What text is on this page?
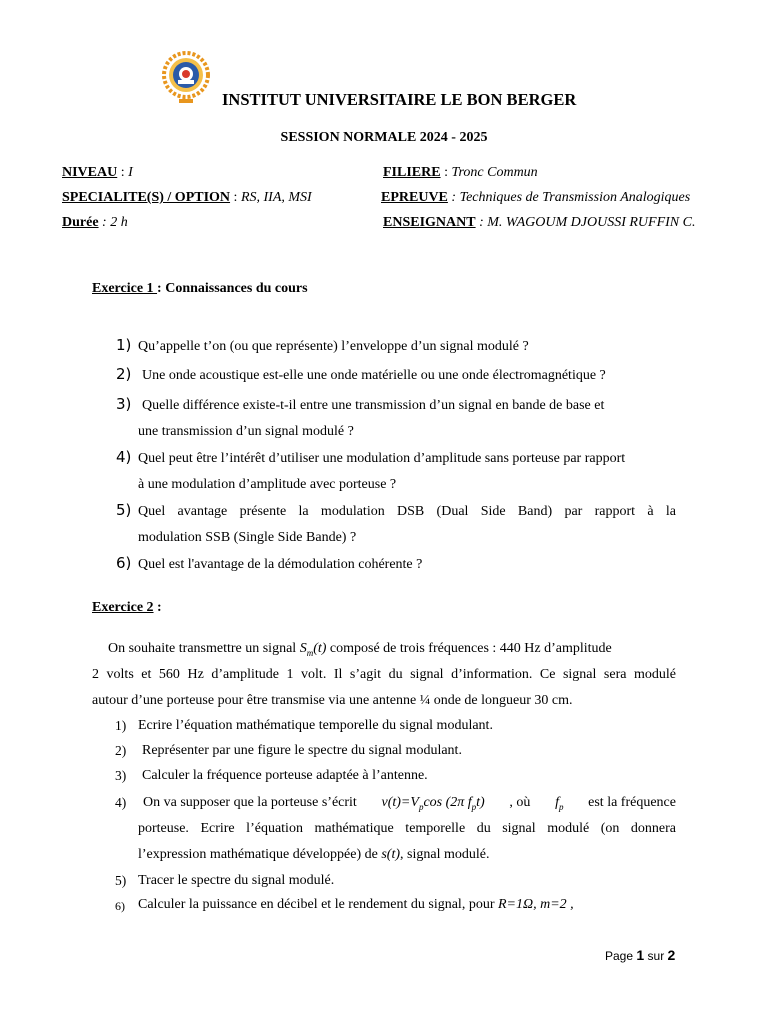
INSTITUT UNIVERSITAIRE LE BON BERGER
SESSION NORMALE 2024 - 2025
NIVEAU : I	FILIERE : Tronc Commun
SPECIALITE(S) / OPTION : RS, IIA, MSI	EPREUVE : Techniques de Transmission Analogiques
Durée : 2 h	ENSEIGNANT : M. WAGOUM DJOUSSI RUFFIN C.
Exercice 1 : Connaissances du cours
1) Qu’appelle t’on (ou que représente) l’enveloppe d’un signal modulé ?
2) Une onde acoustique est-elle une onde matérielle ou une onde électromagnétique ?
3) Quelle différence existe-t-il entre une transmission d’un signal en bande de base et
une transmission d’un signal modulé ?
4) Quel peut être l’intérêt d’utiliser une modulation d’amplitude sans porteuse par rapport
à une modulation d’amplitude avec porteuse ?
5) Quel avantage présente la modulation DSB (Dual Side Band) par rapport à la
modulation SSB (Single Side Bande) ?
6) Quel est l'avantage de la démodulation cohérente ?
Exercice 2 :
On souhaite transmettre un signal $S_m(t)$ composé de trois fréquences : 440 Hz d’amplitude
2 volts et 560 Hz d’amplitude 1 volt. Il s’agit du signal d’information. Ce signal sera modulé
autour d’une porteuse pour être transmise via une antenne ¼ onde de longueur 30 cm.
1) Ecrire l’équation mathématique temporelle du signal modulant.
2) Représenter par une figure le spectre du signal modulant.
3) Calculer la fréquence porteuse adaptée à l’antenne.
4) On va supposer que la porteuse s’écrit $v(t)=V_p\cos$ (2π $f_pt$) , où $f_p$ est la fréquence
porteuse. Ecrire l’équation mathématique temporelle du signal modulé (on donnera
l’expression mathématique développée) de s(t), signal modulé.
5) Tracer le spectre du signal modulé.
6) Calculer la puissance en décibel et le rendement du signal, pour R=1Ω, m=2 ,
Page 1 sur 2
